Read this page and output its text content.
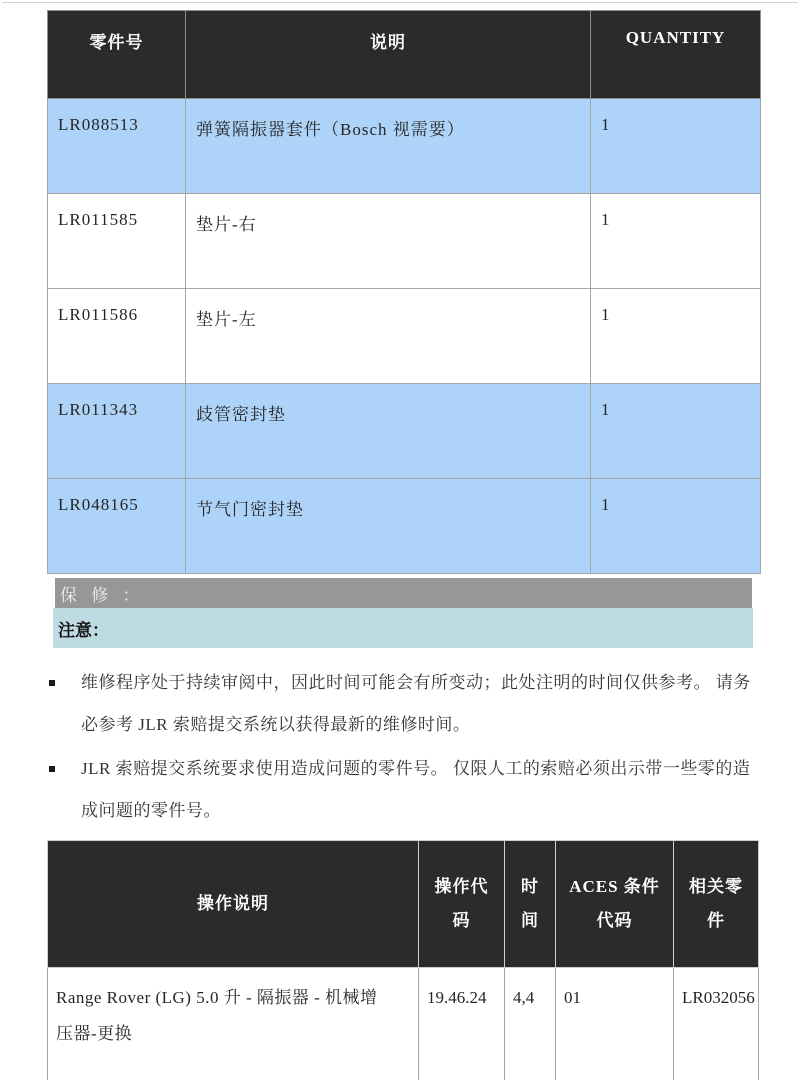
零件号	说明	QUANTITY
LR088513	弹簧隔振器套件（Bosch 视需要）	1
LR011585	垫片-右	1
LR011586	垫片-左	1
LR011343	歧管密封垫	1
LR048165	节气门密封垫	1
保 修 ：
注意：
维修程序处于持续审阅中，因此时间可能会有所变动；此处注明的时间仅供参考。 请务必参考 JLR 索赔提交系统以获得最新的维修时间。
JLR 索赔提交系统要求使用造成问题的零件号。 仅限人工的索赔必须出示带一些零的造成问题的零件号。
操作说明	操作代码	时间	ACES 条件代码	相关零件
Range Rover (LG) 5.0 升 - 隔振器 - 机械增压器-更换	19.46.24	4,4	01	LR032056
